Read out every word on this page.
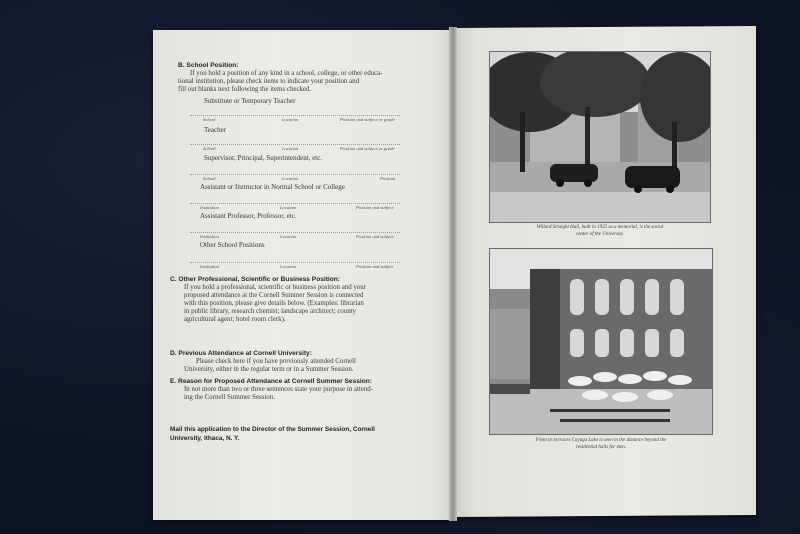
B. School Position:
If you hold a position of any kind in a school, college, or other educa-
tional institution, please check items to indicate your position and
fill out blanks next following the items checked.
Substitute or Temporary Teacher
School	Location	Position and subject or grade
Teacher
School	Location	Position and subject or grade
Supervisor, Principal, Superintendent, etc.
School	Location	Position
Assistant or Instructor in Normal School or College
Institution	Location	Position and subject
Assistant Professor, Professor, etc.
Institution	Location	Position and subject
Other School Positions
Institution	Location	Position and subject
C. Other Professional, Scientific or Business Position:
If you hold a professional, scientific or business position and your
proposed attendance at the Cornell Summer Session is connected
with this position, please give details below. (Examples: librarian
in public library, research chemist; landscape architect; county
agricultural agent; hotel room clerk).
D. Previous Attendance at Cornell University:
Please check here if you have previously attended Cornell
University, either in the regular term or in a Summer Session.
E. Reason for Proposed Attendance at Cornell Summer Session:
In not more than two or three sentences state your purpose in attend-
ing the Cornell Summer Session.
Mail this application to the Director of the Summer Session, Cornell
University, Ithaca, N. Y.
Willard Straight Hall, built in 1925 as a memorial, is the social
center of the University.
From its terraces Cayuga Lake is seen in the distance beyond the
residential halls for men.
